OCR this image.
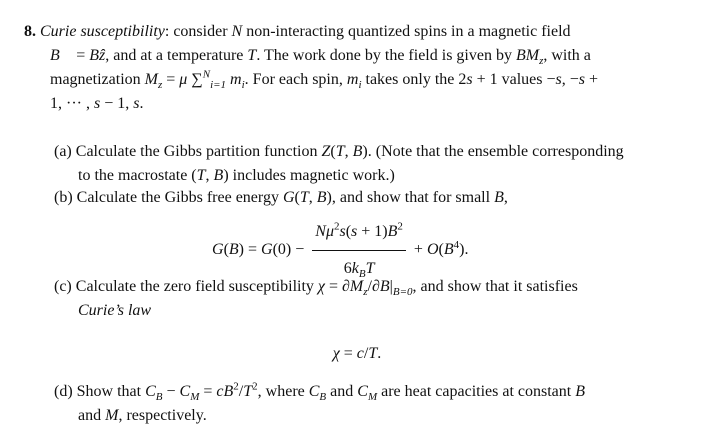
8. Curie susceptibility: consider N non-interacting quantized spins in a magnetic field
B⃗ = Bẑ, and at a temperature T. The work done by the field is given by $BM_z$, with a
magnetization $M_z = \mu$ ∑$^N_{i=1}$ $m_i$. For each spin, $m_i$ takes only the 2s + 1 values −s, −s +
1, ··· , s − 1, s.
(a) Calculate the Gibbs partition function Z(T, B). (Note that the ensemble corresponding
to the macrostate (T, B) includes magnetic work.)
(b) Calculate the Gibbs free energy G(T, B), and show that for small B,
$G(B) = G(0) - \frac{N\mu^2s(s + 1)B^2}{6k_BT} + O(B^4)$.
(c) Calculate the zero field susceptibility $\chi = \partial M_z/\partial B|_{B=0}$, and show that it satisfies
Curie’s law
χ = c/T.
(d) Show that $C_B - C_M = cB^2/T^2$, where $C_B$ and $C_M$ are heat capacities at constant B
and M, respectively.
